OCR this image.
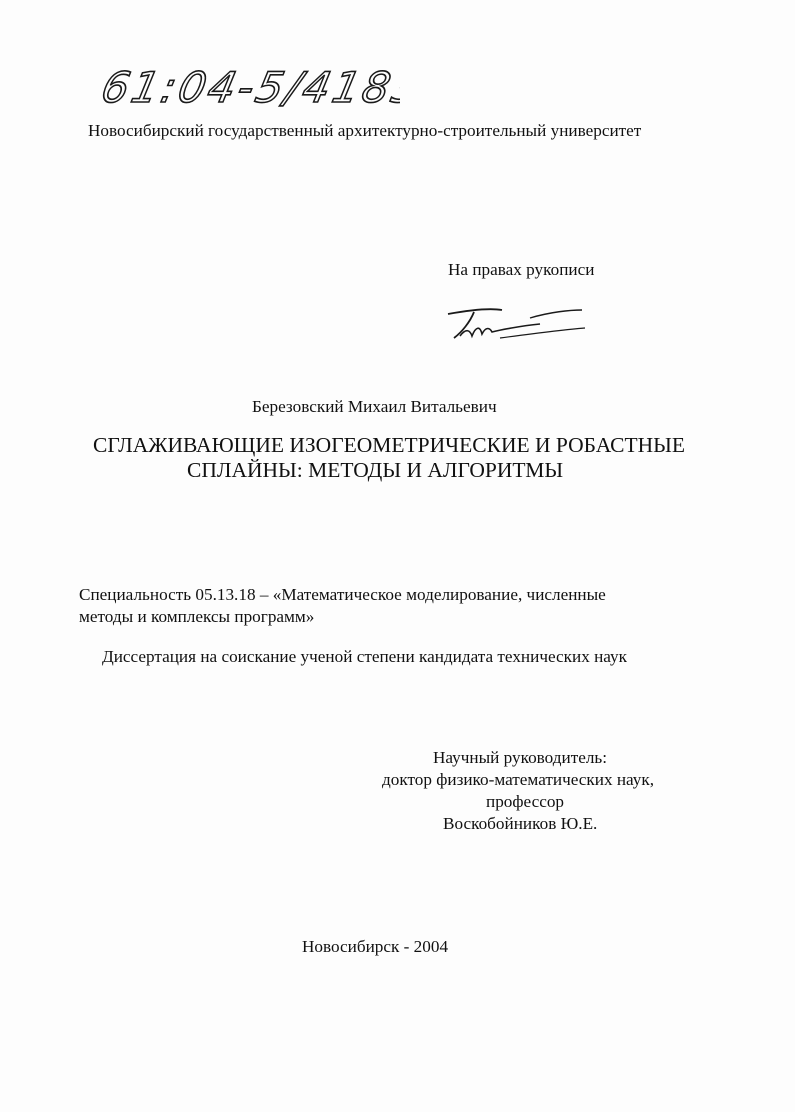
61:04-5/4183
Новосибирский государственный архитектурно-строительный университет
На правах рукописи
Березовский Михаил Витальевич
СГЛАЖИВАЮЩИЕ ИЗОГЕОМЕТРИЧЕСКИЕ И РОБАСТНЫЕ
СПЛАЙНЫ: МЕТОДЫ И АЛГОРИТМЫ
Специальность 05.13.18 – «Математическое моделирование, численные
методы и комплексы программ»
Диссертация на соискание ученой степени кандидата технических наук
Научный руководитель:
доктор физико-математических наук,
профессор
Воскобойников Ю.Е.
Новосибирск - 2004
